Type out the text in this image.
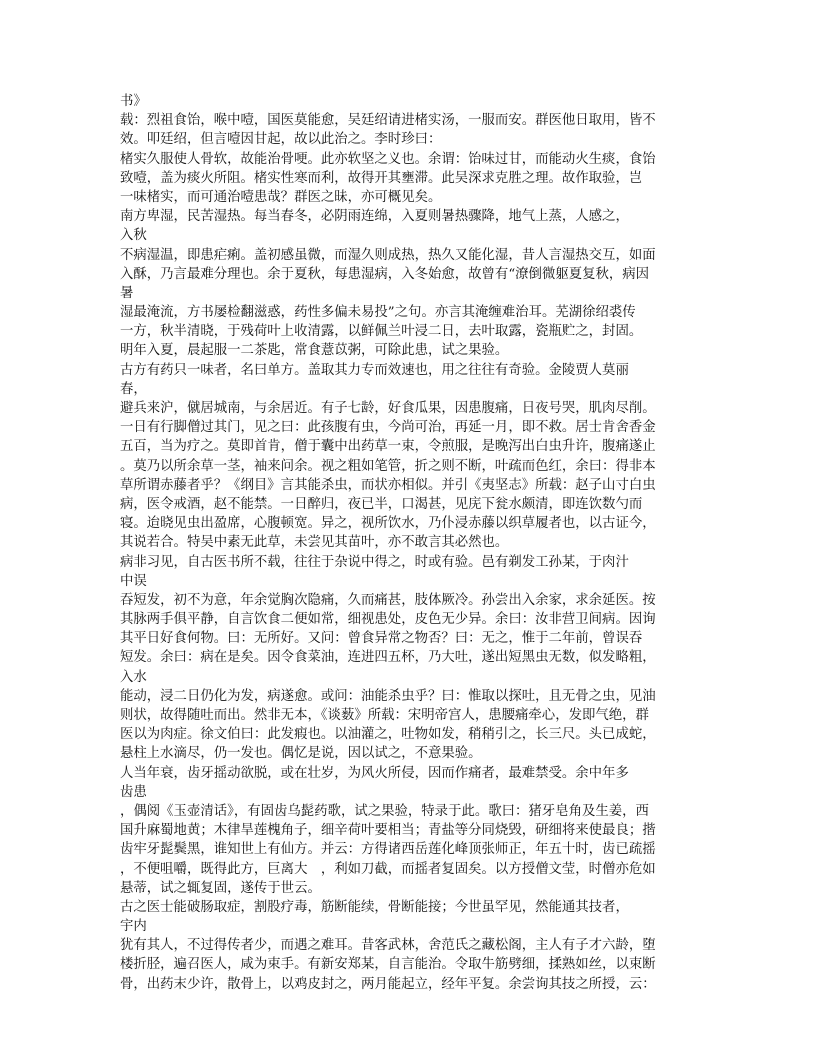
书》
载：烈祖食饴，喉中噎，国医莫能愈，吴廷绍请进楮实汤，一服而安。群医他日取用，皆不
效。叩廷绍，但言噎因甘起，故以此治之。李时珍曰：
楮实久服使人骨软，故能治骨哽。此亦软坚之义也。余谓：饴味过甘，而能动火生痰，食饴
致噎，盖为痰火所阻。楮实性寒而利，故得开其壅滞。此吴深求克胜之理。故作取验，岂
一味楮实，而可通治噎患哉？群医之昧，亦可概见矣。
南方卑湿，民苦湿热。每当春冬，必阴雨连绵，入夏则暑热骤降，地气上蒸，人感之，
入秋
不病湿温，即患疟痢。盖初感虽微，而湿久则成热，热久又能化湿，昔人言湿热交互，如面
入酥，乃言最难分理也。余于夏秋，每患湿病，入冬始愈，故曾有“潦倒微躯夏复秋，病因
暑
湿最淹流，方书屡检翻滋惑，药性多偏未易投”之句。亦言其淹缠难治耳。芜湖徐绍裘传
一方，秋半清晓，于残荷叶上收清露，以鲜佩兰叶浸二日，去叶取露，瓷瓶贮之，封固。
明年入夏，晨起服一二茶匙，常食薏苡粥，可除此患，试之果验。
古方有药只一味者，名曰单方。盖取其力专而效速也，用之往往有奇验。金陵贾人莫丽
春，
避兵来沪，僦居城南，与余居近。有子七龄，好食瓜果，因患腹痛，日夜号哭，肌肉尽削。
一日有行脚僧过其门，见之曰：此孩腹有虫，今尚可治，再延一月，即不救。居士肯舍香金
五百，当为疗之。莫即首肯，僧于囊中出药草一束，令煎服，是晚泻出白虫升许，腹痛遂止
。莫乃以所余草一茎，袖来问余。视之粗如笔管，折之则不断，叶疏而色红，余曰：得非本
草所谓赤藤者乎？《纲目》言其能杀虫，而状亦相似。并引《夷坚志》所载：赵子山寸白虫
病，医令戒酒，赵不能禁。一日醉归，夜已半，口渴甚，见庑下瓮水颇清，即连饮数勺而
寝。迨晓见虫出盈席，心腹顿宽。异之，视所饮水，乃仆浸赤藤以织草履者也，以古证今，
其说若合。特吴中素无此草，未尝见其苗叶，亦不敢言其必然也。
病非习见，自古医书所不载，往往于杂说中得之，时或有验。邑有剃发工孙某，于肉汁
中误
吞短发，初不为意，年余觉胸次隐痛，久而痛甚，肢体厥冷。孙尝出入余家，求余延医。按
其脉两手俱平静，自言饮食二便如常，细视患处，皮色无少异。余曰：汝非营卫间病。因询
其平日好食何物。曰：无所好。又问：曾食异常之物否？曰：无之，惟于二年前，曾误吞
短发。余曰：病在是矣。因令食菜油，连进四五杯，乃大吐，遂出短黑虫无数，似发略粗，
入水
能动，浸二日仍化为发，病遂愈。或问：油能杀虫乎？曰：惟取以探吐，且无骨之虫，见油
则状，故得随吐而出。然非无本，《谈薮》所载：宋明帝宫人，患腰痛牵心，发即气绝，群
医以为肉症。徐文伯曰：此发瘕也。以油灌之，吐物如发，稍稍引之，长三尺。头已成蛇，
悬柱上水滴尽，仍一发也。偶忆是说，因以试之，不意果验。
人当年衰，齿牙摇动欲脱，或在壮岁，为风火所侵，因而作痛者，最难禁受。余中年多
齿患
，偶阅《玉壶清话》，有固齿乌髭药歌，试之果验，特录于此。歌曰：猪牙皂角及生姜，西
国升麻蜀地黄；木律旱莲槐角子，细辛荷叶要相当；青盐等分同烧毁，研细将来使最良；揩
齿牢牙髭鬓黑，谁知世上有仙方。并云：方得诸西岳莲化峰顶张师正，年五十时，齿已疏摇
，不便咀嚼，既得此方，巨离大　，利如刀截，而摇者复固矣。以方授僧文莹，时僧亦危如
悬蒂，试之辄复固，遂传于世云。
古之医士能破肠取症，割股疗毒，筋断能续，骨断能接；今世虽罕见，然能通其技者，
宇内
犹有其人，不过得传者少，而遇之难耳。昔客武林，舍范氏之藏松阁，主人有子才六龄，堕
楼折胫，遍召医人，咸为束手。有新安郑某，自言能治。令取牛筋劈细，揉熟如丝，以束断
骨，出药末少许，散骨上，以鸡皮封之，两月能起立，经年平复。余尝询其技之所授，云：
